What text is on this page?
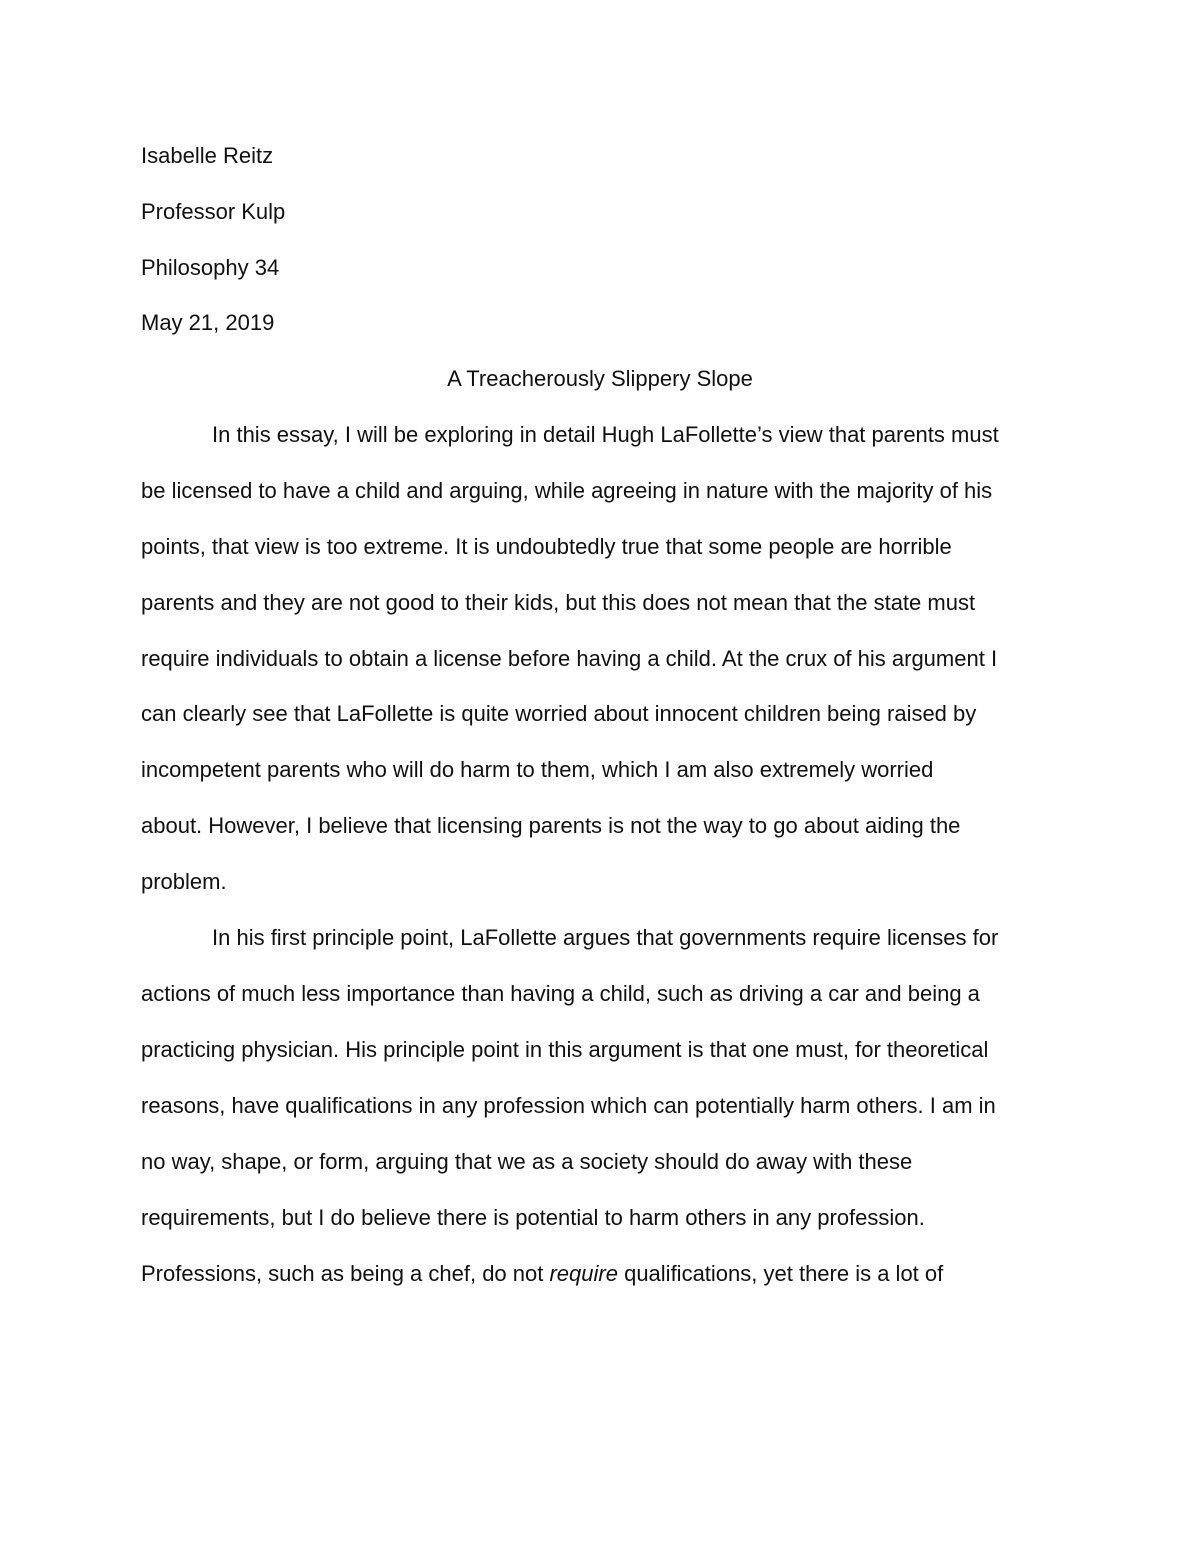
Isabelle Reitz
Professor Kulp
Philosophy 34
May 21, 2019
A Treacherously Slippery Slope
In this essay, I will be exploring in detail Hugh LaFollette’s view that parents must
be licensed to have a child and arguing, while agreeing in nature with the majority of his
points, that view is too extreme. It is undoubtedly true that some people are horrible
parents and they are not good to their kids, but this does not mean that the state must
require individuals to obtain a license before having a child. At the crux of his argument I
can clearly see that LaFollette is quite worried about innocent children being raised by
incompetent parents who will do harm to them, which I am also extremely worried
about. However, I believe that licensing parents is not the way to go about aiding the
problem.
In his first principle point, LaFollette argues that governments require licenses for
actions of much less importance than having a child, such as driving a car and being a
practicing physician. His principle point in this argument is that one must, for theoretical
reasons, have qualifications in any profession which can potentially harm others. I am in
no way, shape, or form, arguing that we as a society should do away with these
requirements, but I do believe there is potential to harm others in any profession.
Professions, such as being a chef, do not require qualifications, yet there is a lot of
